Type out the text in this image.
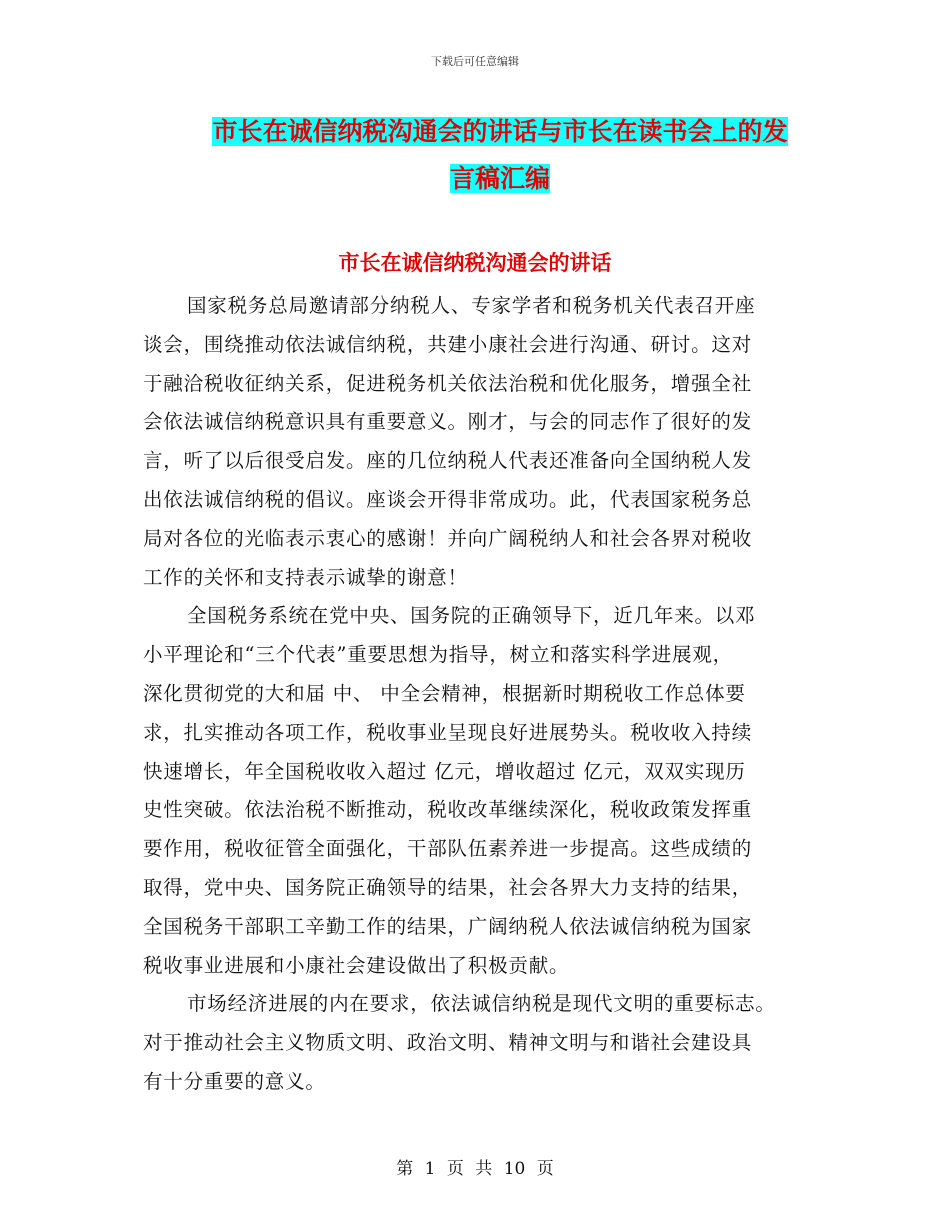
下载后可任意编辑
市长在诚信纳税沟通会的讲话与市长在读书会上的发
言稿汇编
市长在诚信纳税沟通会的讲话
国家税务总局邀请部分纳税人、专家学者和税务机关代表召开座
谈会，围绕推动依法诚信纳税，共建小康社会进行沟通、研讨。这对
于融洽税收征纳关系，促进税务机关依法治税和优化服务，增强全社
会依法诚信纳税意识具有重要意义。刚才，与会的同志作了很好的发
言，听了以后很受启发。座的几位纳税人代表还准备向全国纳税人发
出依法诚信纳税的倡议。座谈会开得非常成功。此，代表国家税务总
局对各位的光临表示衷心的感谢！并向广阔税纳人和社会各界对税收
工作的关怀和支持表示诚挚的谢意！
全国税务系统在党中央、国务院的正确领导下，近几年来。以邓
小平理论和“三个代表”重要思想为指导，树立和落实科学进展观，
深化贯彻党的大和届 中、 中全会精神，根据新时期税收工作总体要
求，扎实推动各项工作，税收事业呈现良好进展势头。税收收入持续
快速增长，年全国税收收入超过 亿元，增收超过 亿元，双双实现历
史性突破。依法治税不断推动，税收改革继续深化，税收政策发挥重
要作用，税收征管全面强化，干部队伍素养进一步提高。这些成绩的
取得，党中央、国务院正确领导的结果，社会各界大力支持的结果，
全国税务干部职工辛勤工作的结果，广阔纳税人依法诚信纳税为国家
税收事业进展和小康社会建设做出了积极贡献。
市场经济进展的内在要求，依法诚信纳税是现代文明的重要标志。
对于推动社会主义物质文明、政治文明、精神文明与和谐社会建设具
有十分重要的意义。
第 1 页 共 10 页
